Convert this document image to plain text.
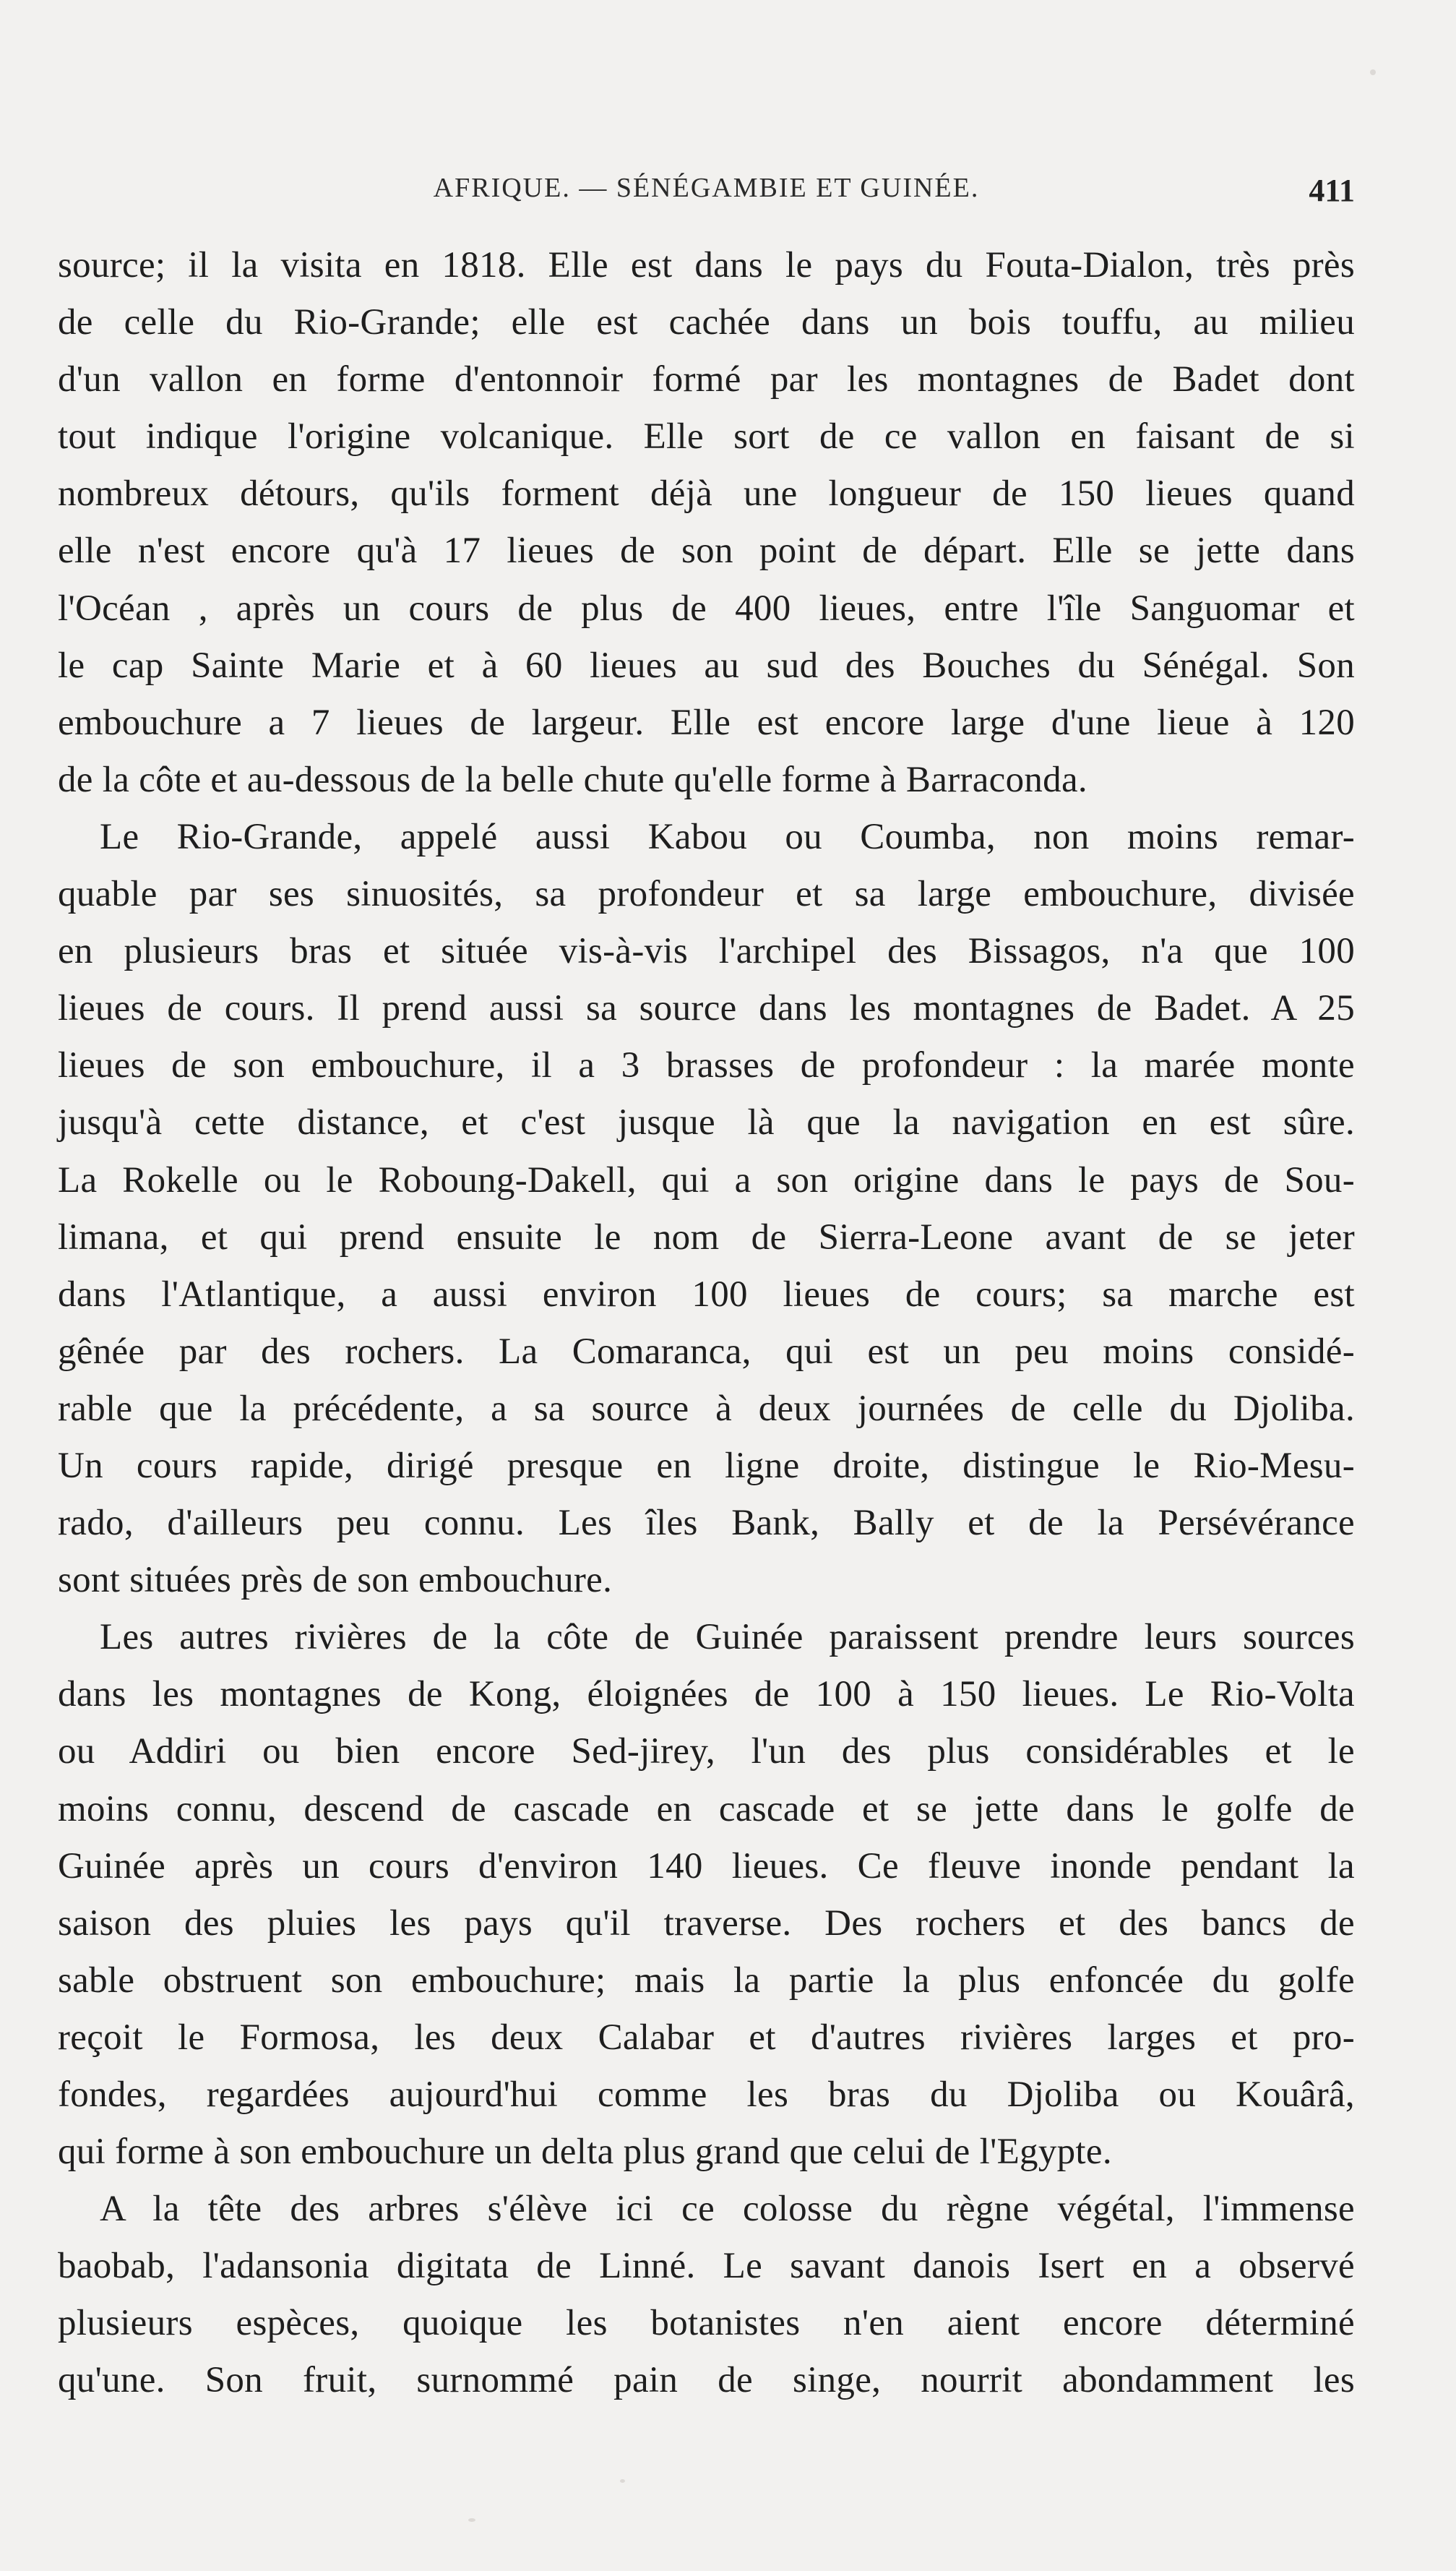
AFRIQUE. — SÉNÉGAMBIE ET GUINÉE.	411
source; il la visita en 1818. Elle est dans le pays du Fouta-Dialon, très près
de celle du Rio-Grande; elle est cachée dans un bois touffu, au milieu
d'un vallon en forme d'entonnoir formé par les montagnes de Badet dont
tout indique l'origine volcanique. Elle sort de ce vallon en faisant de si
nombreux détours, qu'ils forment déjà une longueur de 150 lieues quand
elle n'est encore qu'à 17 lieues de son point de départ. Elle se jette dans
l'Océan , après un cours de plus de 400 lieues, entre l'île Sanguomar et
le cap Sainte Marie et à 60 lieues au sud des Bouches du Sénégal. Son
embouchure a 7 lieues de largeur. Elle est encore large d'une lieue à 120
de la côte et au-dessous de la belle chute qu'elle forme à Barraconda.
Le Rio-Grande, appelé aussi Kabou ou Coumba, non moins remar-
quable par ses sinuosités, sa profondeur et sa large embouchure, divisée
en plusieurs bras et située vis-à-vis l'archipel des Bissagos, n'a que 100
lieues de cours. Il prend aussi sa source dans les montagnes de Badet. A 25
lieues de son embouchure, il a 3 brasses de profondeur : la marée monte
jusqu'à cette distance, et c'est jusque là que la navigation en est sûre.
La Rokelle ou le Roboung-Dakell, qui a son origine dans le pays de Sou-
limana, et qui prend ensuite le nom de Sierra-Leone avant de se jeter
dans l'Atlantique, a aussi environ 100 lieues de cours; sa marche est
gênée par des rochers. La Comaranca, qui est un peu moins considé-
rable que la précédente, a sa source à deux journées de celle du Djoliba.
Un cours rapide, dirigé presque en ligne droite, distingue le Rio-Mesu-
rado, d'ailleurs peu connu. Les îles Bank, Bally et de la Persévérance
sont situées près de son embouchure.
Les autres rivières de la côte de Guinée paraissent prendre leurs sources
dans les montagnes de Kong, éloignées de 100 à 150 lieues. Le Rio-Volta
ou Addiri ou bien encore Sed-jirey, l'un des plus considérables et le
moins connu, descend de cascade en cascade et se jette dans le golfe de
Guinée après un cours d'environ 140 lieues. Ce fleuve inonde pendant la
saison des pluies les pays qu'il traverse. Des rochers et des bancs de
sable obstruent son embouchure; mais la partie la plus enfoncée du golfe
reçoit le Formosa, les deux Calabar et d'autres rivières larges et pro-
fondes, regardées aujourd'hui comme les bras du Djoliba ou Kouârâ,
qui forme à son embouchure un delta plus grand que celui de l'Egypte.
A la tête des arbres s'élève ici ce colosse du règne végétal, l'immense
baobab, l'adansonia digitata de Linné. Le savant danois Isert en a observé
plusieurs espèces, quoique les botanistes n'en aient encore déterminé
qu'une. Son fruit, surnommé pain de singe, nourrit abondamment les
